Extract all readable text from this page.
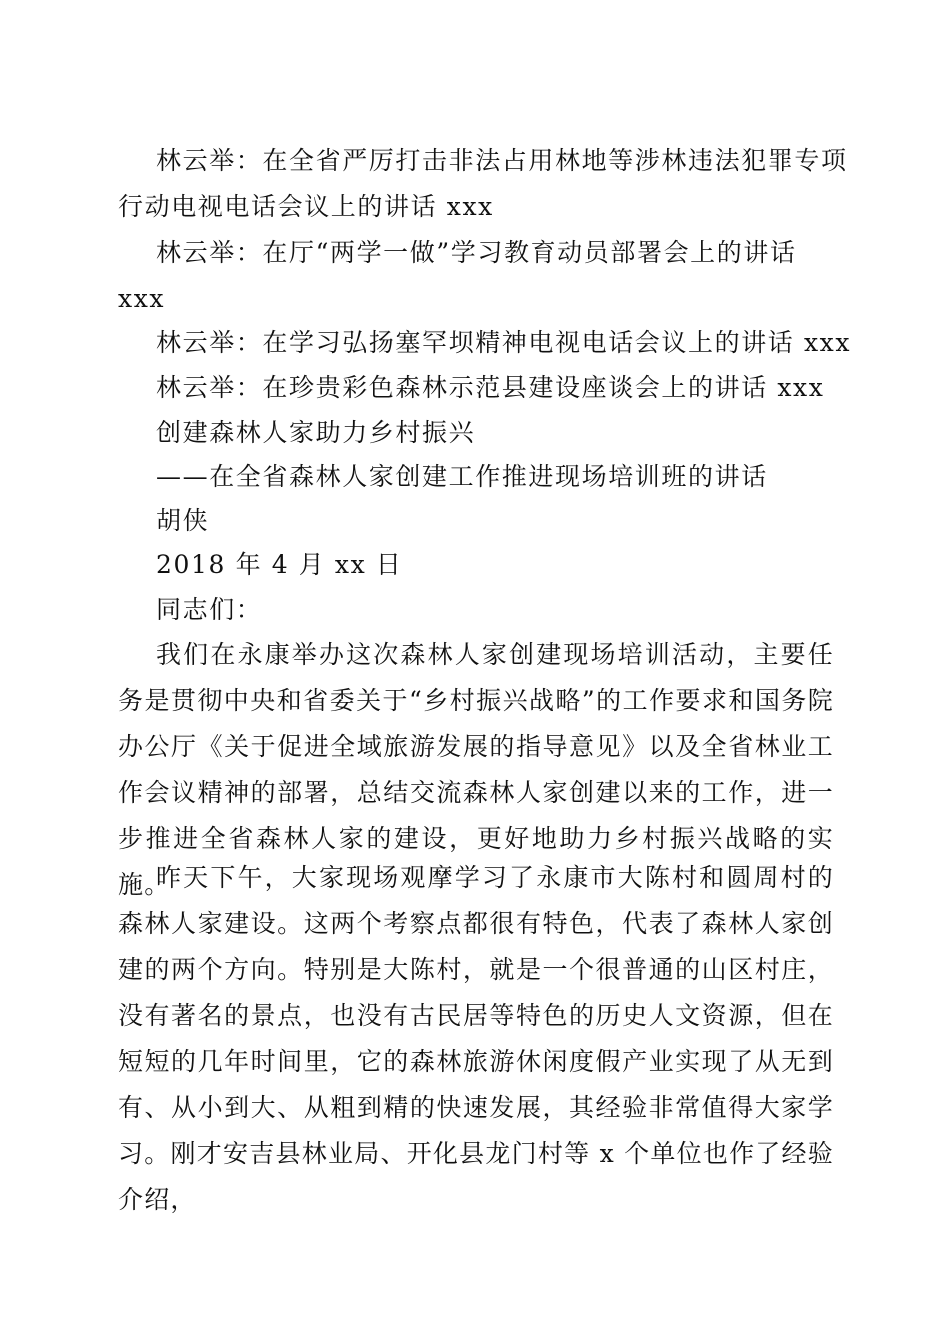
林云举：在全省严厉打击非法占用林地等涉林违法犯罪专项
行动电视电话会议上的讲话 xxx
林云举：在厅“两学一做”学习教育动员部署会上的讲话
xxx
林云举：在学习弘扬塞罕坝精神电视电话会议上的讲话 xxx
林云举：在珍贵彩色森林示范县建设座谈会上的讲话 xxx
创建森林人家助力乡村振兴
——在全省森林人家创建工作推进现场培训班的讲话
胡侠
2018 年 4 月 xx 日
同志们：
我们在永康举办这次森林人家创建现场培训活动，主要任务是贯彻中央和省委关于“乡村振兴战略”的工作要求和国务院办公厅《关于促进全域旅游发展的指导意见》以及全省林业工作会议精神的部署，总结交流森林人家创建以来的工作，进一步推进全省森林人家的建设，更好地助力乡村振兴战略的实施。
昨天下午，大家现场观摩学习了永康市大陈村和圆周村的森林人家建设。这两个考察点都很有特色，代表了森林人家创建的两个方向。特别是大陈村，就是一个很普通的山区村庄，没有著名的景点，也没有古民居等特色的历史人文资源，但在短短的几年时间里，它的森林旅游休闲度假产业实现了从无到有、从小到大、从粗到精的快速发展，其经验非常值得大家学习。刚才安吉县林业局、开化县龙门村等 x 个单位也作了经验介绍，
